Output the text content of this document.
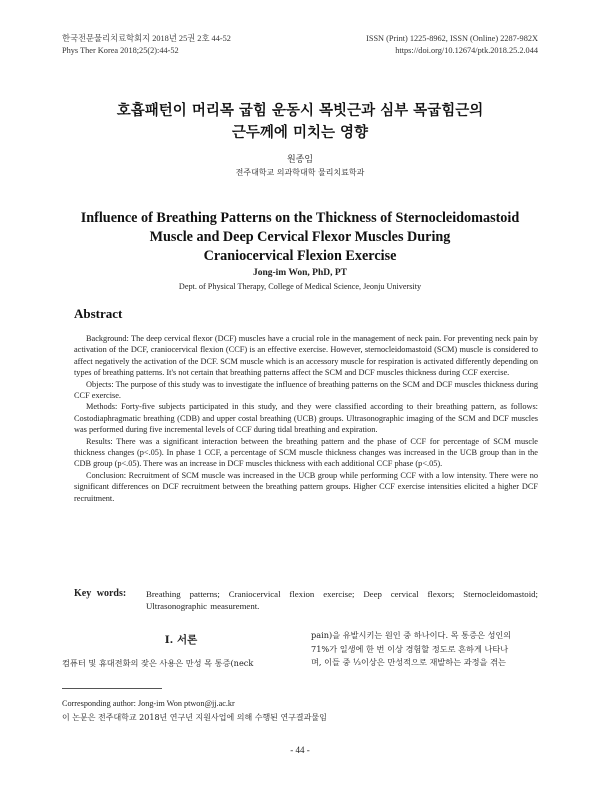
한국전문물리치료학회지 2018년 25권 2호 44-52
Phys Ther Korea 2018;25(2):44-52
ISSN (Print) 1225-8962, ISSN (Online) 2287-982X
https://doi.org/10.12674/ptk.2018.25.2.044
호흡패턴이 머리목 굽힘 운동시 목빗근과 심부 목굽힘근의
근두께에 미치는 영향
원종임
전주대학교 의과학대학 물리치료학과
Influence of Breathing Patterns on the Thickness of Sternocleidomastoid
Muscle and Deep Cervical Flexor Muscles During
Craniocervical Flexion Exercise
Jong-im Won, PhD, PT
Dept. of Physical Therapy, College of Medical Science, Jeonju University
Abstract

Background: The deep cervical flexor (DCF) muscles have a crucial role in the management of neck pain. For preventing neck pain by activation of the DCF, craniocervical flexion (CCF) is an effective exercise. However, sternocleidomastoid (SCM) muscle is considered to affect negatively the activation of the DCF. SCM muscle which is an accessory muscle for respiration is activated differently depending on types of breathing patterns. It's not certain that breathing patterns affect the SCM and DCF muscles thickness during CCF exercise.

Objects: The purpose of this study was to investigate the influence of breathing patterns on the SCM and DCF muscles thickness during CCF exercise.

Methods: Forty-five subjects participated in this study, and they were classified according to their breathing pattern, as follows: Costodiaphragmatic breathing (CDB) and upper costal breathing (UCB) groups. Ultrasonographic imaging of the SCM and DCF muscles was performed during five incremental levels of CCF during tidal breathing and expiration.

Results: There was a significant interaction between the breathing pattern and the phase of CCF for percentage of SCM muscle thickness changes (p<.05). In phase 1 CCF, a percentage of SCM muscle thickness changes was increased in the UCB group than in the CDB group (p<.05). There was an increase in DCF muscles thickness with each additional CCF phase (p<.05).

Conclusion: Recruitment of SCM muscle was increased in the UCB group while performing CCF with a low intensity. There were no significant differences on DCF recruitment between the breathing pattern groups. Higher CCF exercise intensities elicited a higher DCF recruitment.

Key words: Breathing patterns; Craniocervical flexion exercise; Deep cervical flexors; Sternocleidomastoid; Ultrasonographic measurement.
Ⅰ. 서론
컴퓨터 및 휴대전화의 잦은 사용은 만성 목 통증(neck
pain)을 유발시키는 원인 중 하나이다. 목 통증은 성인의
71%가 일생에 한 번 이상 경험할 정도로 흔하게 나타나
며, 이들 중 ⅓이상은 만성적으로 재발하는 과정을 겪는
Corresponding author: Jong-im Won ptwon@jj.ac.kr
이 논문은 전주대학교 2018년 연구년 지원사업에 의해 수행된 연구결과물임
- 44 -
